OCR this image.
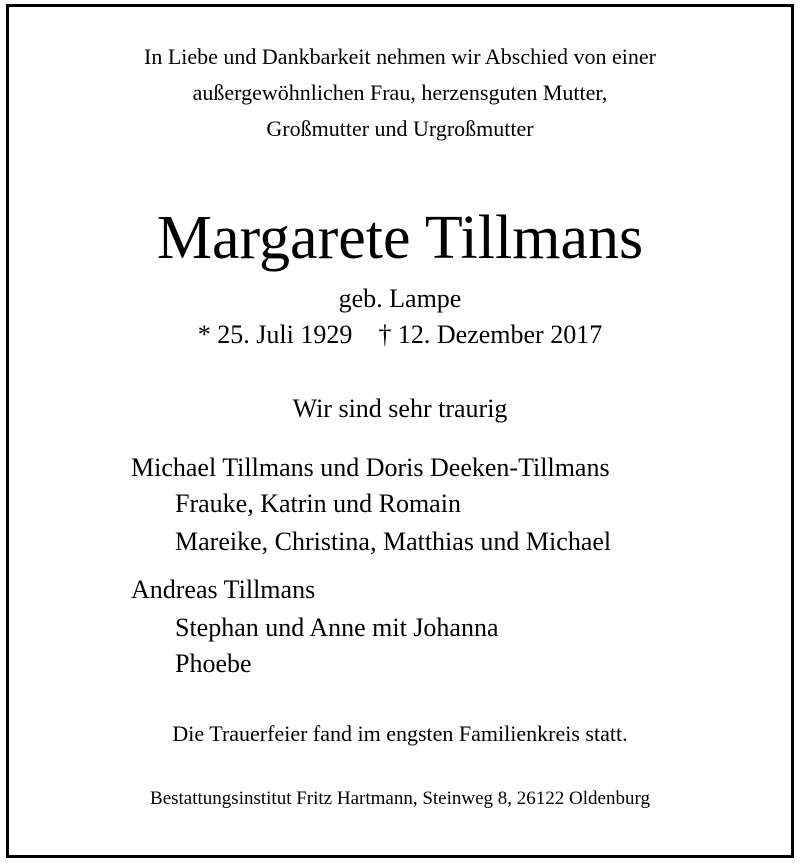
In Liebe und Dankbarkeit nehmen wir Abschied von einer
außergewöhnlichen Frau, herzensguten Mutter,
Großmutter und Urgroßmutter
Margarete Tillmans
geb. Lampe
* 25. Juli 1929 † 12. Dezember 2017
Wir sind sehr traurig
Michael Tillmans und Doris Deeken-Tillmans
Frauke, Katrin und Romain
Mareike, Christina, Matthias und Michael
Andreas Tillmans
Stephan und Anne mit Johanna
Phoebe
Die Trauerfeier fand im engsten Familienkreis statt.
Bestattungsinstitut Fritz Hartmann, Steinweg 8, 26122 Oldenburg
